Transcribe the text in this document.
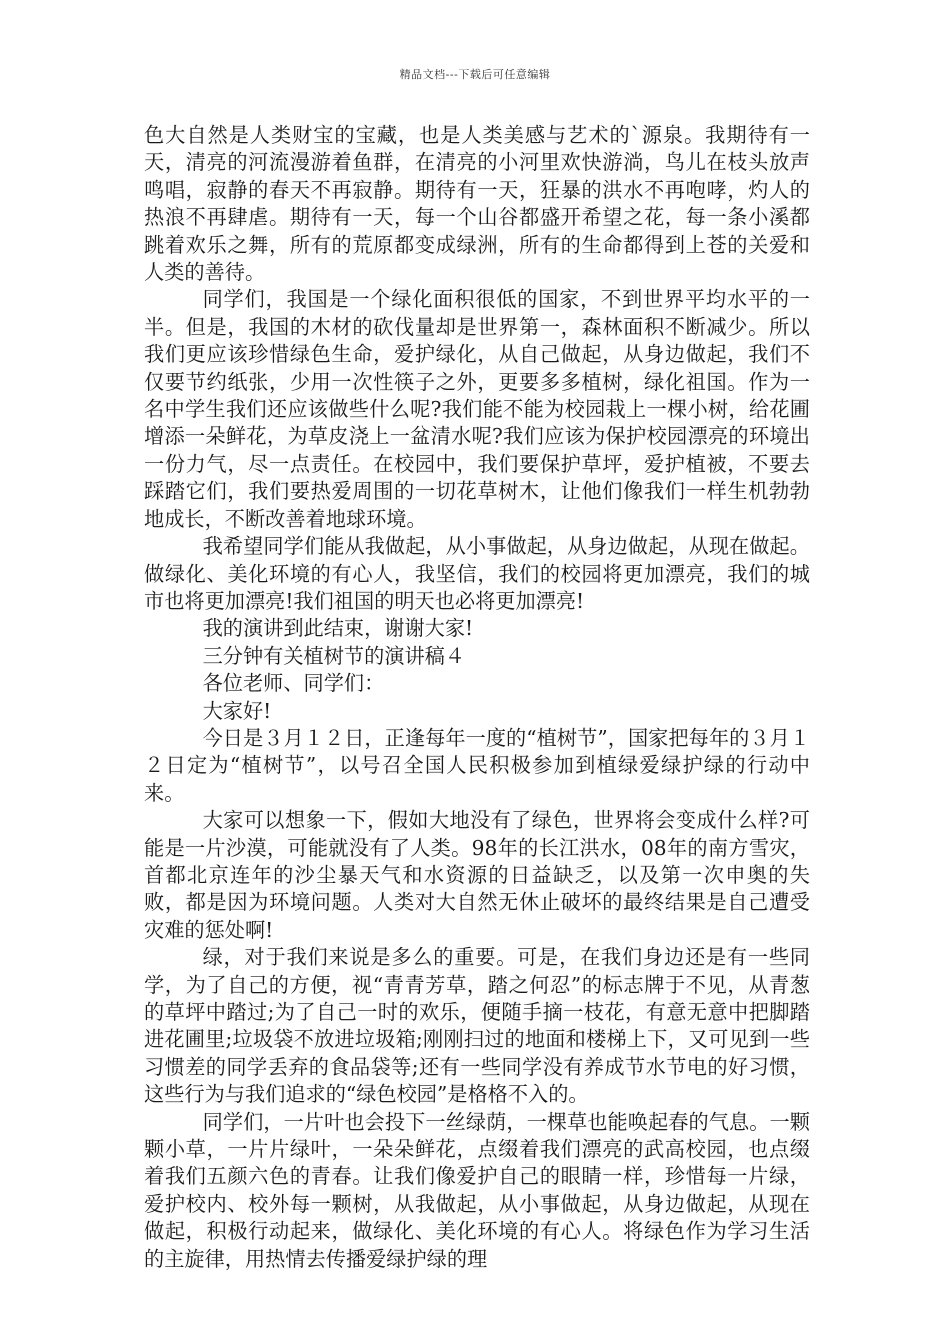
精品文档---下载后可任意编辑

色大自然是人类财宝的宝藏，也是人类美感与艺术的`源泉。我期待有一天，清亮的河流漫游着鱼群，在清亮的小河里欢快游淌，鸟儿在枝头放声鸣唱，寂静的春天不再寂静。期待有一天，狂暴的洪水不再咆哮，灼人的热浪不再肆虐。期待有一天，每一个山谷都盛开希望之花，每一条小溪都跳着欢乐之舞，所有的荒原都变成绿洲，所有的生命都得到上苍的关爱和人类的善待。

同学们，我国是一个绿化面积很低的国家，不到世界平均水平的一半。但是，我国的木材的砍伐量却是世界第一，森林面积不断减少。所以我们更应该珍惜绿色生命，爱护绿化，从自己做起，从身边做起，我们不仅要节约纸张，少用一次性筷子之外，更要多多植树，绿化祖国。作为一名中学生我们还应该做些什么呢?我们能不能为校园栽上一棵小树，给花圃增添一朵鲜花，为草皮浇上一盆清水呢?我们应该为保护校园漂亮的环境出一份力气，尽一点责任。在校园中，我们要保护草坪，爱护植被，不要去踩踏它们，我们要热爱周围的一切花草树木，让他们像我们一样生机勃勃地成长，不断改善着地球环境。

我希望同学们能从我做起，从小事做起，从身边做起，从现在做起。做绿化、美化环境的有心人，我坚信，我们的校园将更加漂亮，我们的城市也将更加漂亮!我们祖国的明天也必将更加漂亮!

我的演讲到此结束，谢谢大家!

三分钟有关植树节的演讲稿４

各位老师、同学们：

大家好!

今日是３月１２日，正逢每年一度的“植树节”，国家把每年的３月１２日定为“植树节”，以号召全国人民积极参加到植绿爱绿护绿的行动中来。

大家可以想象一下，假如大地没有了绿色，世界将会变成什么样?可能是一片沙漠，可能就没有了人类。98年的长江洪水，08年的南方雪灾，首都北京连年的沙尘暴天气和水资源的日益缺乏，以及第一次申奥的失败，都是因为环境问题。人类对大自然无休止破坏的最终结果是自己遭受灾难的惩处啊!

绿，对于我们来说是多么的重要。可是，在我们身边还是有一些同学，为了自己的方便，视“青青芳草，踏之何忍”的标志牌于不见，从青葱的草坪中踏过;为了自己一时的欢乐，便随手摘一枝花，有意无意中把脚踏进花圃里;垃圾袋不放进垃圾箱;刚刚扫过的地面和楼梯上下，又可见到一些习惯差的同学丢弃的食品袋等;还有一些同学没有养成节水节电的好习惯，这些行为与我们追求的“绿色校园”是格格不入的。

同学们，一片叶也会投下一丝绿荫，一棵草也能唤起春的气息。一颗颗小草，一片片绿叶，一朵朵鲜花，点缀着我们漂亮的武高校园，也点缀着我们五颜六色的青春。让我们像爱护自己的眼睛一样，珍惜每一片绿，爱护校内、校外每一颗树，从我做起，从小事做起，从身边做起，从现在做起，积极行动起来，做绿化、美化环境的有心人。将绿色作为学习生活的主旋律，用热情去传播爱绿护绿的理
